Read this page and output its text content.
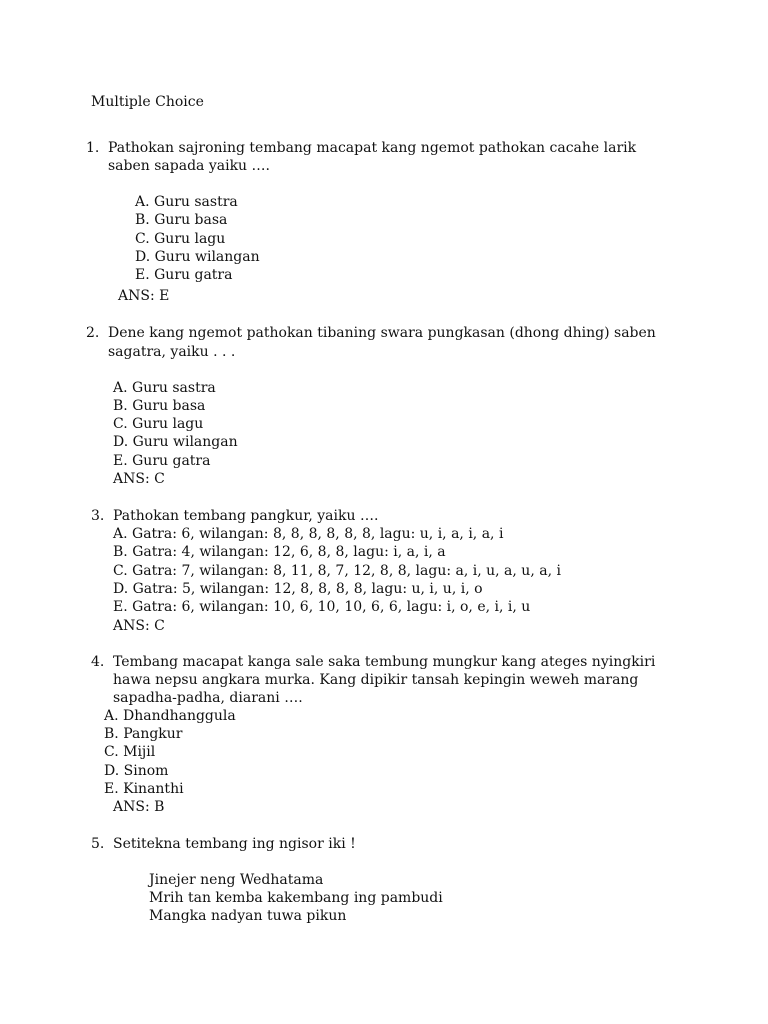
Multiple Choice
1. Pathokan sajroning tembang macapat kang ngemot pathokan cacahe larik
saben sapada yaiku ….
A. Guru sastra
B. Guru basa
C. Guru lagu
D. Guru wilangan
E. Guru gatra
ANS: E
2. Dene kang ngemot pathokan tibaning swara pungkasan (dhong dhing) saben
sagatra, yaiku . . .
A. Guru sastra
B. Guru basa
C. Guru lagu
D. Guru wilangan
E. Guru gatra
ANS: C
3. Pathokan tembang pangkur, yaiku ….
A. Gatra: 6, wilangan: 8, 8, 8, 8, 8, 8, lagu: u, i, a, i, a, i
B. Gatra: 4, wilangan: 12, 6, 8, 8, lagu: i, a, i, a
C. Gatra: 7, wilangan: 8, 11, 8, 7, 12, 8, 8, lagu: a, i, u, a, u, a, i
D. Gatra: 5, wilangan: 12, 8, 8, 8, 8, lagu: u, i, u, i, o
E. Gatra: 6, wilangan: 10, 6, 10, 10, 6, 6, lagu: i, o, e, i, i, u
ANS: C
4. Tembang macapat kanga sale saka tembung mungkur kang ateges nyingkiri
hawa nepsu angkara murka. Kang dipikir tansah kepingin weweh marang
sapadha-padha, diarani ….
A. Dhandhanggula
B. Pangkur
C. Mijil
D. Sinom
E. Kinanthi
ANS: B
5. Setitekna tembang ing ngisor iki !
Jinejer neng Wedhatama
Mrih tan kemba kakembang ing pambudi
Mangka nadyan tuwa pikun
